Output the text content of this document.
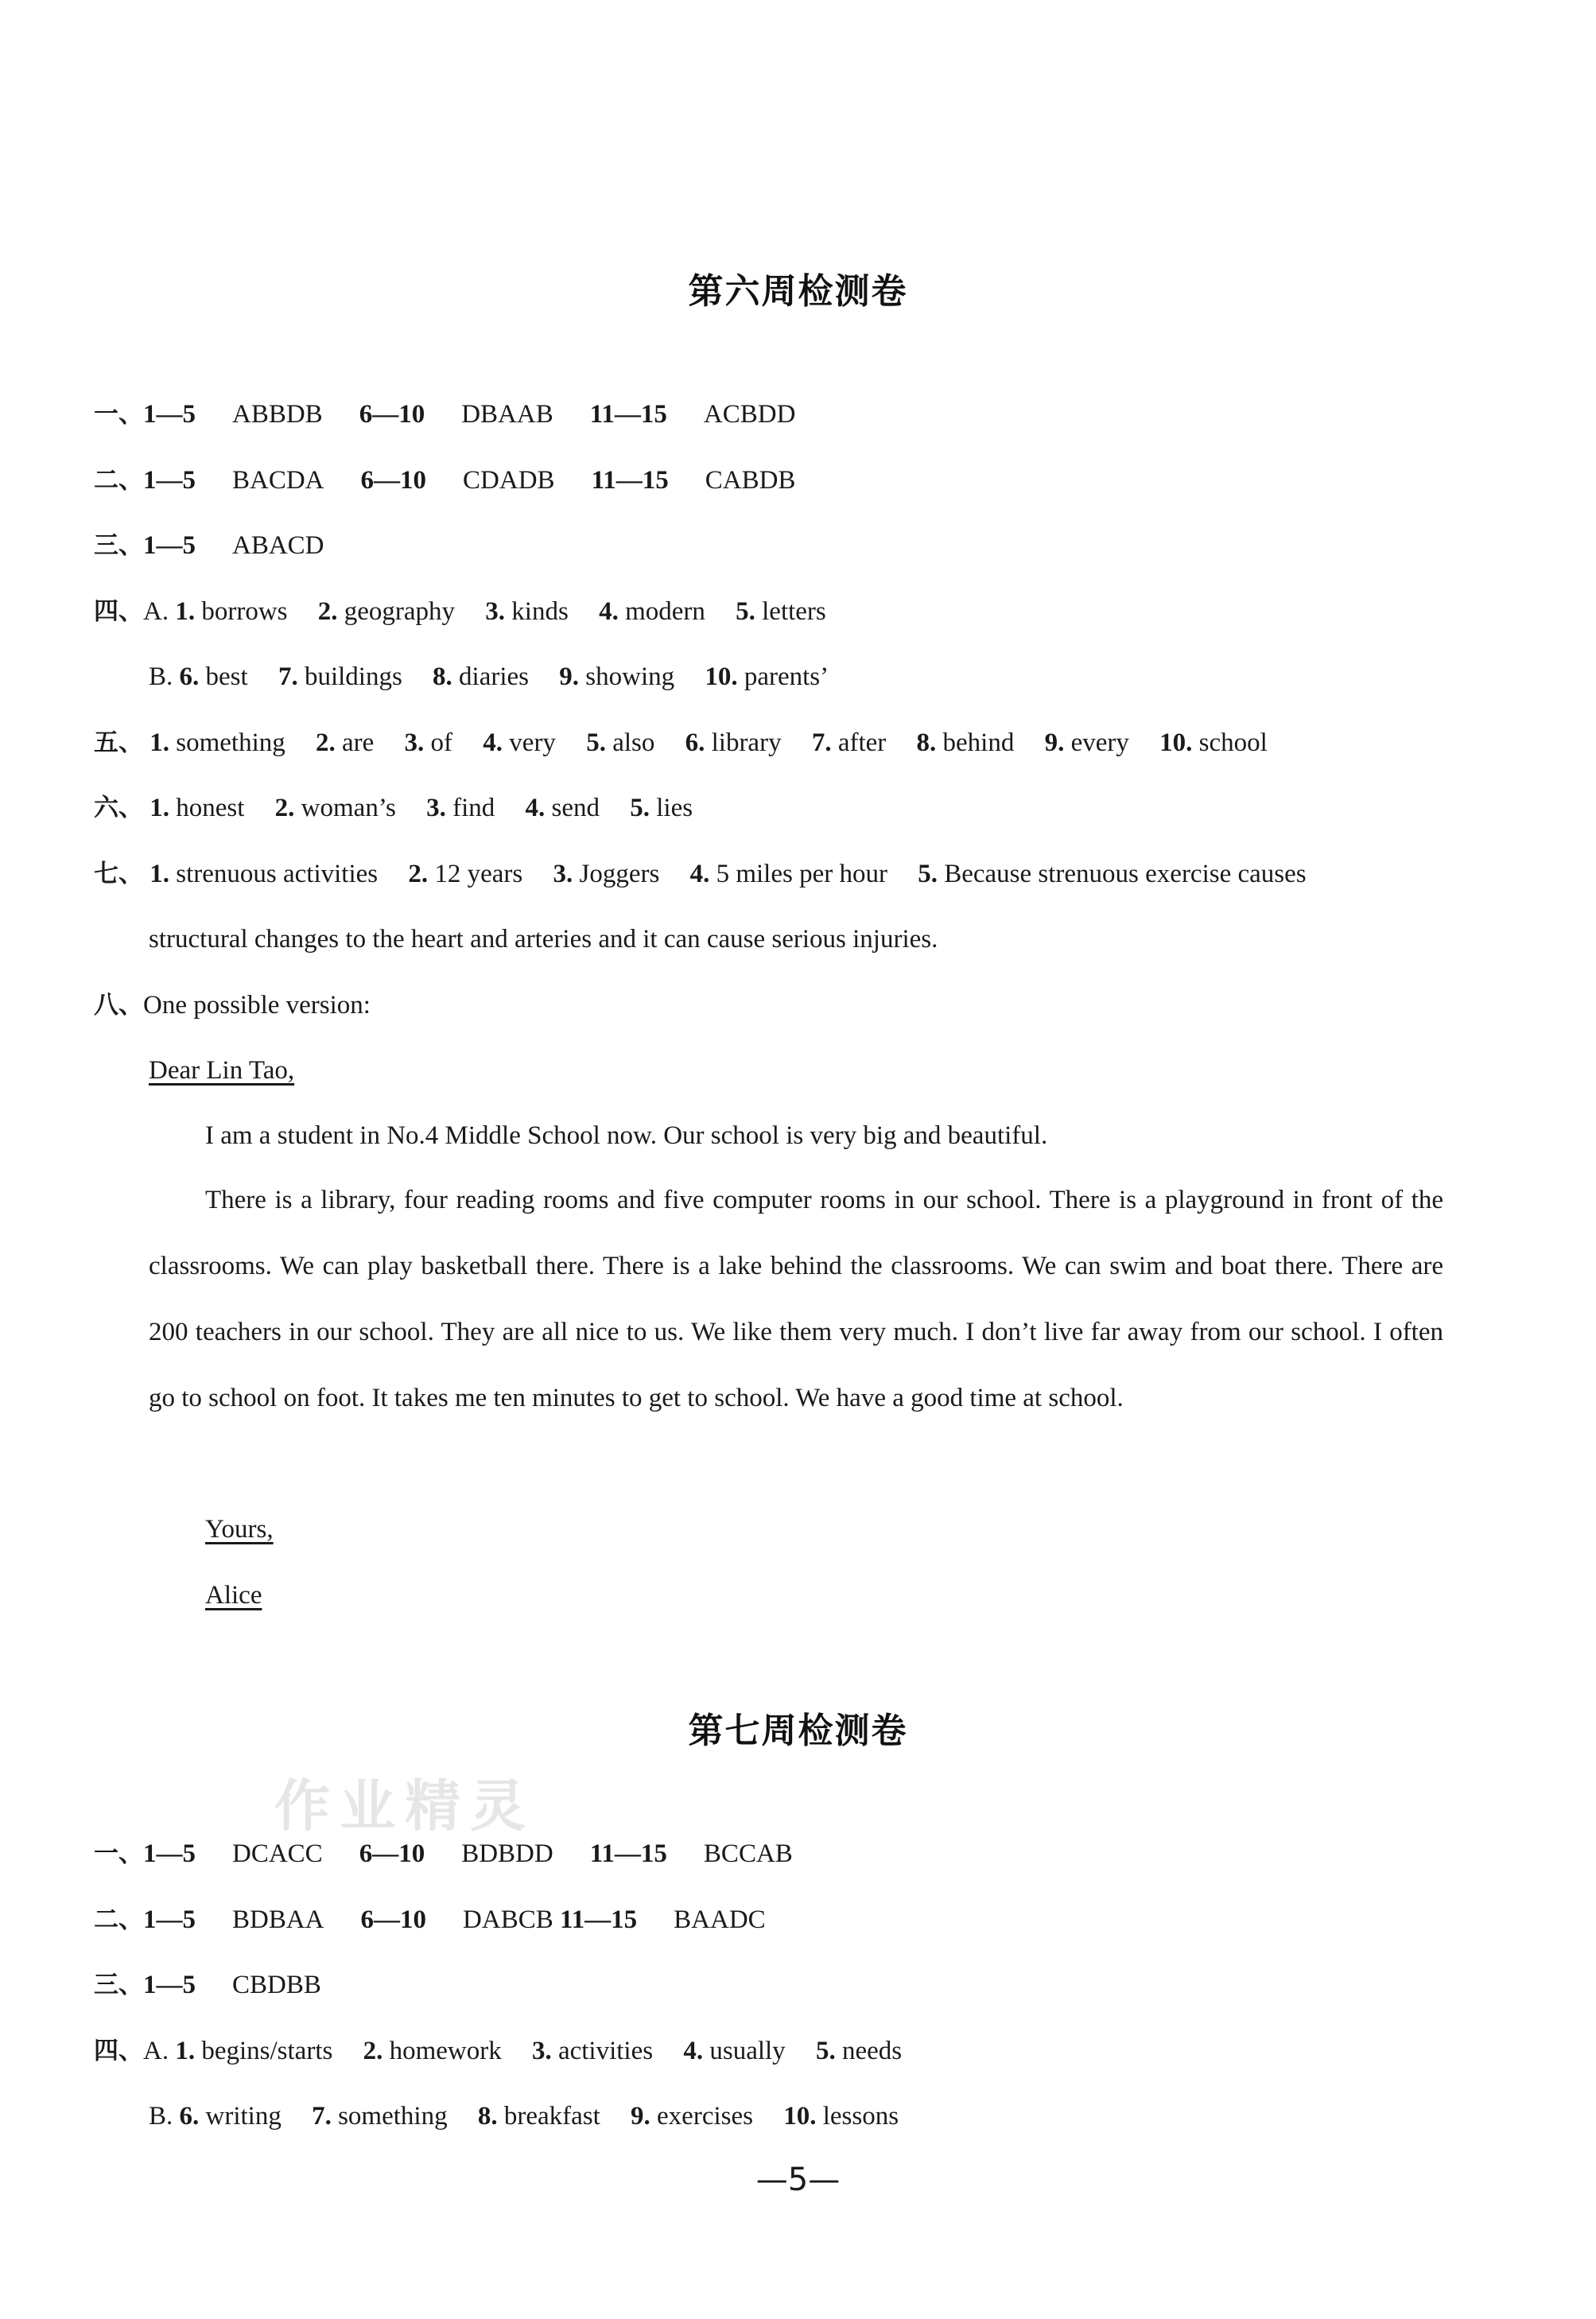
第六周检测卷
一、1—5 ABBDB 6—10 DBAAB 11—15 ACBDD
二、1—5 BACDA 6—10 CDADB 11—15 CABDB
三、1—5 ABACD
四、A. 1. borrows 2. geography 3. kinds 4. modern 5. letters
B. 6. best 7. buildings 8. diaries 9. showing 10. parents’
五、 1. something 2. are 3. of 4. very 5. also 6. library 7. after 8. behind 9. every 10. school
六、 1. honest 2. woman’s 3. find 4. send 5. lies
七、 1. strenuous activities 2. 12 years 3. Joggers 4. 5 miles per hour 5. Because strenuous exercise causes
structural changes to the heart and arteries and it can cause serious injuries.
八、One possible version:
Dear Lin Tao,
I am a student in No.4 Middle School now. Our school is very big and beautiful.
There is a library, four reading rooms and five computer rooms in our school. There is a playground in front of the classrooms. We can play basketball there. There is a lake behind the classrooms. We can swim and boat there. There are 200 teachers in our school. They are all nice to us. We like them very much. I don’t live far away from our school. I often go to school on foot. It takes me ten minutes to get to school. We have a good time at school.
Yours,
Alice
第七周检测卷
作业精灵
一、1—5 DCACC 6—10 BDBDD 11—15 BCCAB
二、1—5 BDBAA 6—10 DABCB 11—15 BAADC
三、1—5 CBDBB
四、A. 1. begins/starts 2. homework 3. activities 4. usually 5. needs
B. 6. writing 7. something 8. breakfast 9. exercises 10. lessons
—5—
